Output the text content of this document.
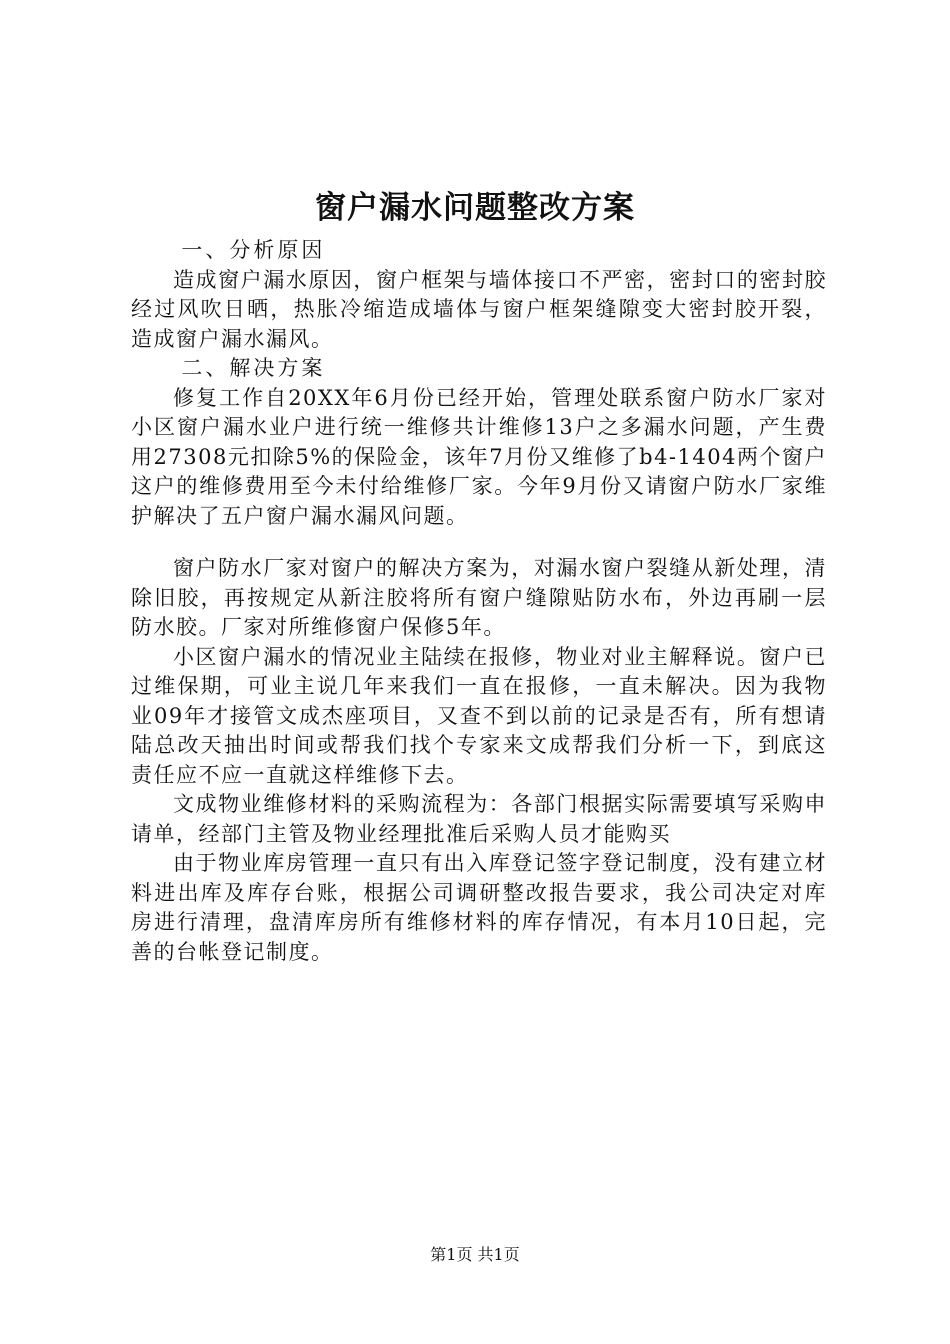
窗户漏水问题整改方案

一、分析原因

造成窗户漏水原因，窗户框架与墙体接口不严密，密封口的密封胶经过风吹日晒，热胀冷缩造成墙体与窗户框架缝隙变大密封胶开裂，造成窗户漏水漏风。

二、解决方案

修复工作自20XX年6月份已经开始，管理处联系窗户防水厂家对小区窗户漏水业户进行统一维修共计维修13户之多漏水问题，产生费用27308元扣除5%的保险金，该年7月份又维修了b4-1404两个窗户这户的维修费用至今未付给维修厂家。今年9月份又请窗户防水厂家维护解决了五户窗户漏水漏风问题。

窗户防水厂家对窗户的解决方案为，对漏水窗户裂缝从新处理，清除旧胶，再按规定从新注胶将所有窗户缝隙贴防水布，外边再刷一层防水胶。厂家对所维修窗户保修5年。

小区窗户漏水的情况业主陆续在报修，物业对业主解释说。窗户已过维保期，可业主说几年来我们一直在报修，一直未解决。因为我物业09年才接管文成杰座项目，又查不到以前的记录是否有，所有想请陆总改天抽出时间或帮我们找个专家来文成帮我们分析一下，到底这责任应不应一直就这样维修下去。

文成物业维修材料的采购流程为：各部门根据实际需要填写采购申请单，经部门主管及物业经理批准后采购人员才能购买

由于物业库房管理一直只有出入库登记签字登记制度，没有建立材料进出库及库存台账，根据公司调研整改报告要求，我公司决定对库房进行清理，盘清库房所有维修材料的库存情况，有本月10日起，完善的台帐登记制度。

第1页 共1页
